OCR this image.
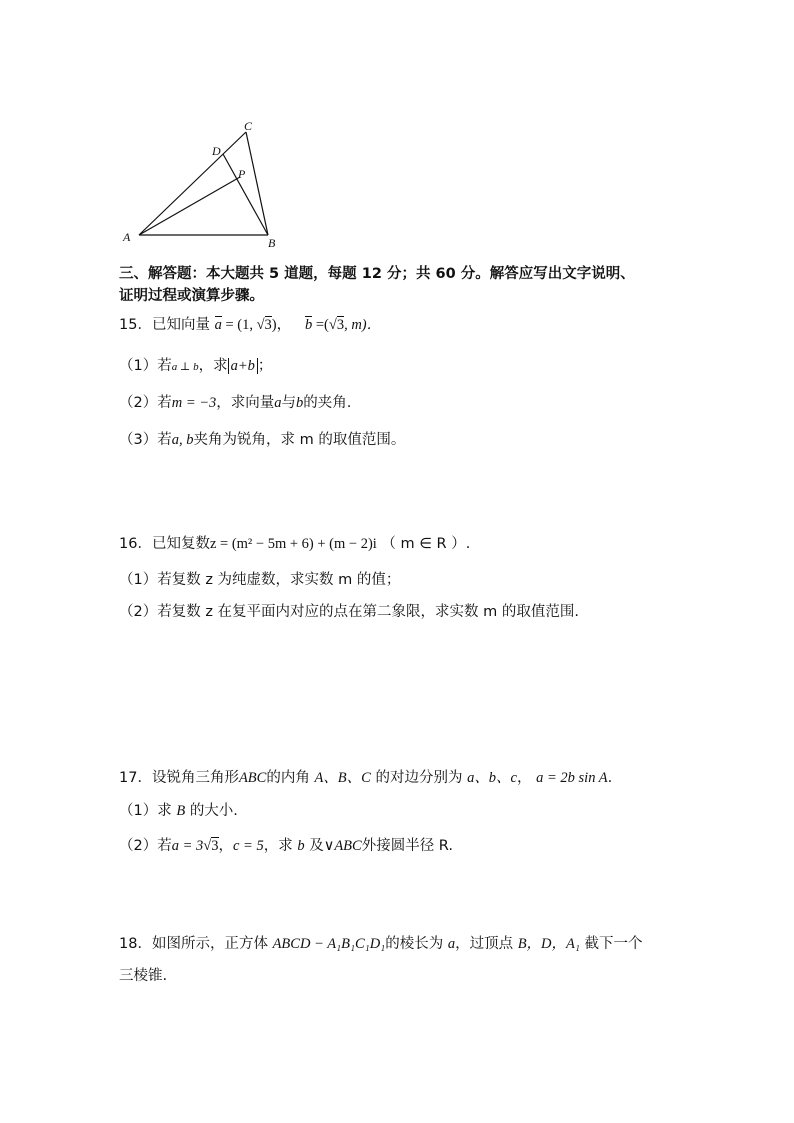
A	B
C
D
P
三、解答题：本大题共 5 道题，每题 12 分；共 60 分。解答应写出文字说明、
证明过程或演算步骤。
15．已知向量 a = (1, √3)， b =(√3, m)．
（1）若a ⊥ b，求 a+b ；
（2）若m = −3，求向量a与b的夹角.
（3）若a, b夹角为锐角，求 m 的取值范围。
16．已知复数z = (m² − 5m + 6) + (m − 2)i （ m ∈ R ）.
（1）若复数 z 为纯虚数，求实数 m 的值；
（2）若复数 z 在复平面内对应的点在第二象限，求实数 m 的取值范围.
17．设锐角三角形ABC的内角 A、B、C 的对边分别为 a、b、c， a = 2b sin A.
（1）求 B 的大小.
（2）若a = 3√3，c = 5，求 b 及∨ABC外接圆半径 R.
18．如图所示，正方体 ABCD − A₁B₁C₁D₁的棱长为 a，过顶点 B，D，A₁ 截下一个
三棱锥.
